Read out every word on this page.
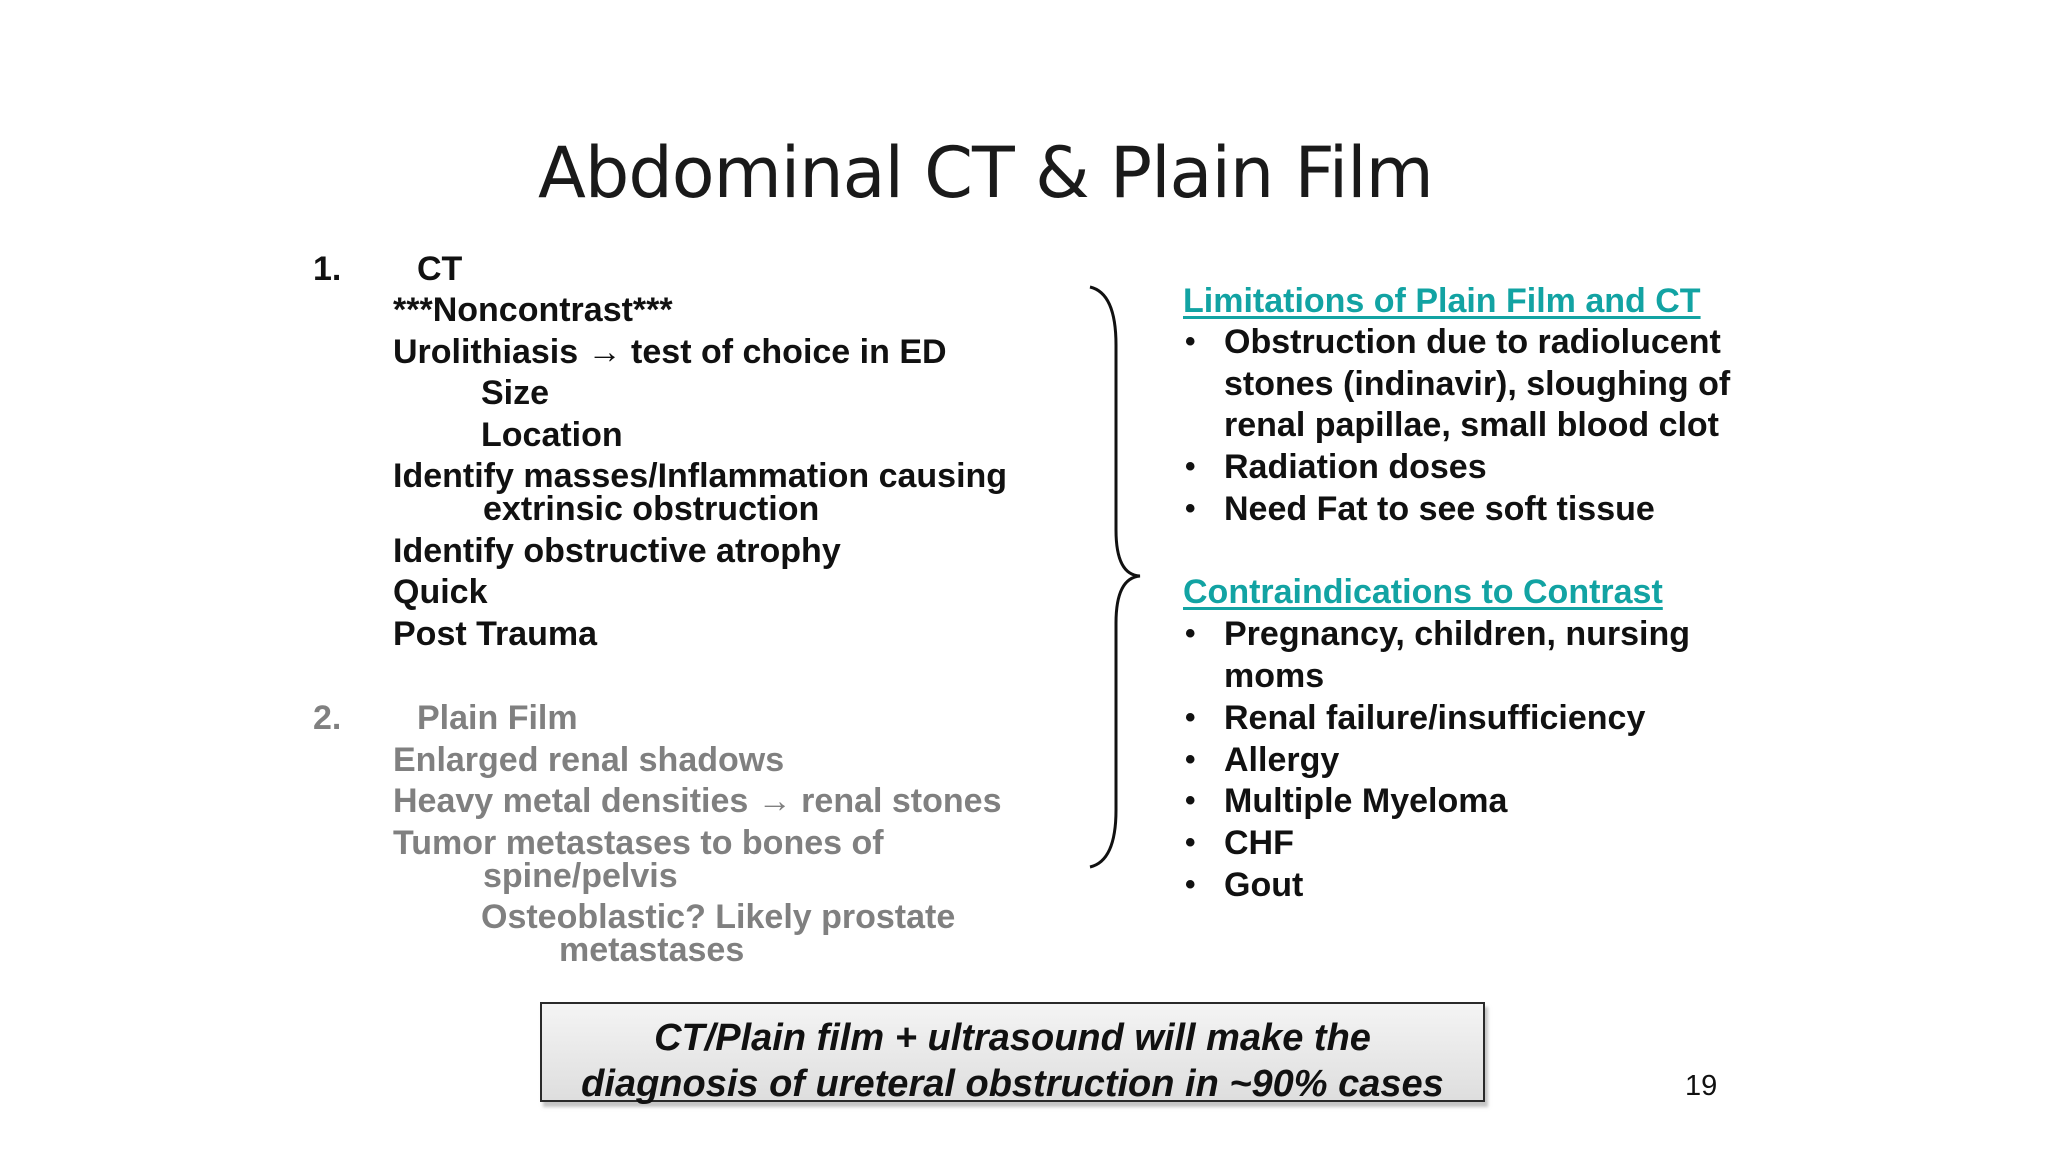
Abdominal CT & Plain Film
1. CT
***Noncontrast***
Urolithiasis → test of choice in ED
Size
Location
Identify masses/Inflammation causing
extrinsic obstruction
Identify obstructive atrophy
Quick
Post Trauma
2. Plain Film
Enlarged renal shadows
Heavy metal densities → renal stones
Tumor metastases to bones of
spine/pelvis
Osteoblastic? Likely prostate
metastases
Limitations of Plain Film and CT
• Obstruction due to radiolucent
stones (indinavir), sloughing of
renal papillae, small blood clot
• Radiation doses
• Need Fat to see soft tissue
Contraindications to Contrast
• Pregnancy, children, nursing
moms
• Renal failure/insufficiency
• Allergy
• Multiple Myeloma
• CHF
• Gout
CT/Plain film + ultrasound will make the
diagnosis of ureteral obstruction in ~90% cases	19
